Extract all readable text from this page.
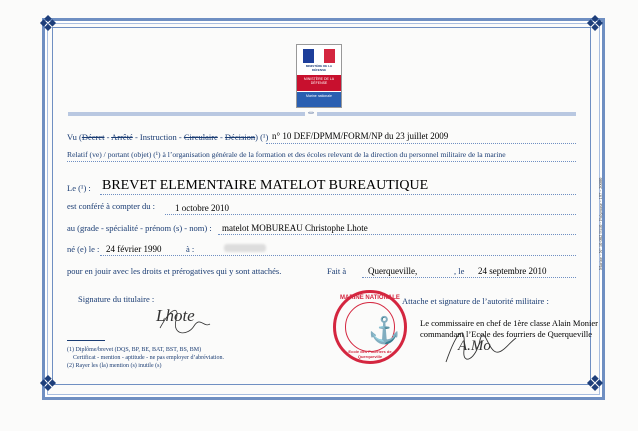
❖	❖
❖	❖
MINISTÈRE DE LA DÉFENSE
MINISTÈRE DE LA DÉFENSE
Marine nationale
«»
Vu (Décret - Arrêté - Instruction - Circulaire - Décision) (¹) n° 10 DEF/DPMM/FORM/NP du 23 juillet 2009
Relatif (ve) / portant (objet) (¹) à l’organisation générale de la formation et des écoles relevant de la direction du personnel militaire de la marine
Le (¹) : BREVET ELEMENTAIRE MATELOT BUREAUTIQUE
est conféré à compter du : 1 octobre 2010
au (grade - spécialité - prénom (s) - nom) : matelot MOBUREAU Christophe Lhote
né (e) le : 24 février 1990	à :
pour en jouir avec les droits et prérogatives qui y sont attachés.	Fait à Querqueville,	, le 24 septembre 2010
Signature du titulaire :
Lhote
Attache et signature de l’autorité militaire :
Le commissaire en chef de 1ère classe Alain Monier
commandant l’Ecole des fourriers de Querqueville
A.Mo
MARINE NATIONALE
⚓
Ecole des Fourriers de Querqueville
(1) Diplôme/brevet (DQS, BP, BE, BAT, BST, BS, BM)
Certificat - mention - aptitude - ne pas employer d’abréviation.
(2) Rayer les (la) mention (s) inutile (s)
Marine - N° 10 082 9310 - Polymuse - 197 - 20000
